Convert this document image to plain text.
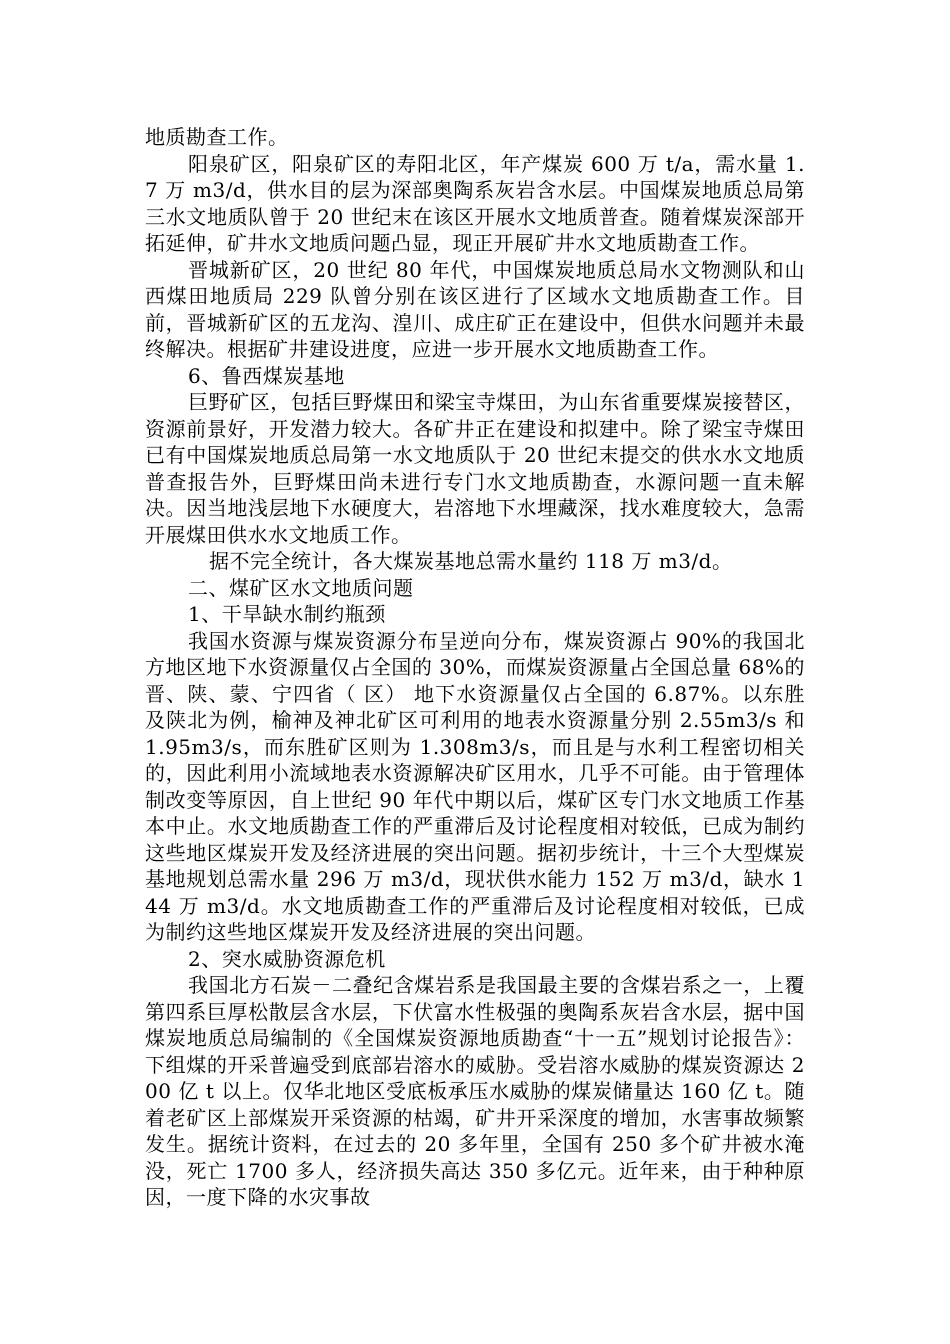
地质勘查工作。

阳泉矿区，阳泉矿区的寿阳北区，年产煤炭 600 万 t/a，需水量 1.7 万 m3/d，供水目的层为深部奥陶系灰岩含水层。中国煤炭地质总局第三水文地质队曾于 20 世纪末在该区开展水文地质普查。随着煤炭深部开拓延伸，矿井水文地质问题凸显，现正开展矿井水文地质勘查工作。

晋城新矿区，20 世纪 80 年代，中国煤炭地质总局水文物测队和山西煤田地质局 229 队曾分别在该区进行了区域水文地质勘查工作。目前，晋城新矿区的五龙沟、湟川、成庄矿正在建设中，但供水问题并未最终解决。根据矿井建设进度，应进一步开展水文地质勘查工作。

6、鲁西煤炭基地

巨野矿区，包括巨野煤田和梁宝寺煤田，为山东省重要煤炭接替区，资源前景好，开发潜力较大。各矿井正在建设和拟建中。除了梁宝寺煤田已有中国煤炭地质总局第一水文地质队于 20 世纪末提交的供水水文地质普查报告外，巨野煤田尚未进行专门水文地质勘查，水源问题一直未解决。因当地浅层地下水硬度大，岩溶地下水埋藏深，找水难度较大，急需开展煤田供水水文地质工作。

据不完全统计，各大煤炭基地总需水量约 118 万 m3/d。

二、煤矿区水文地质问题

1、干旱缺水制约瓶颈

我国水资源与煤炭资源分布呈逆向分布，煤炭资源占 90%的我国北方地区地下水资源量仅占全国的 30%，而煤炭资源量占全国总量 68%的晋、陕、蒙、宁四省（ 区） 地下水资源量仅占全国的 6.87%。以东胜及陕北为例，榆神及神北矿区可利用的地表水资源量分别 2.55m3/s 和 1.95m3/s，而东胜矿区则为 1.308m3/s，而且是与水利工程密切相关的，因此利用小流域地表水资源解决矿区用水，几乎不可能。由于管理体制改变等原因，自上世纪 90 年代中期以后，煤矿区专门水文地质工作基本中止。水文地质勘查工作的严重滞后及讨论程度相对较低，已成为制约这些地区煤炭开发及经济进展的突出问题。据初步统计，十三个大型煤炭基地规划总需水量 296 万 m3/d，现状供水能力 152 万 m3/d，缺水 144 万 m3/d。水文地质勘查工作的严重滞后及讨论程度相对较低，已成为制约这些地区煤炭开发及经济进展的突出问题。

2、突水威胁资源危机

我国北方石炭－二叠纪含煤岩系是我国最主要的含煤岩系之一，上覆第四系巨厚松散层含水层，下伏富水性极强的奥陶系灰岩含水层，据中国煤炭地质总局编制的《全国煤炭资源地质勘查“十一五”规划讨论报告》：下组煤的开采普遍受到底部岩溶水的威胁。受岩溶水威胁的煤炭资源达 200 亿 t 以上。仅华北地区受底板承压水威胁的煤炭储量达 160 亿 t。随着老矿区上部煤炭开采资源的枯竭，矿井开采深度的增加，水害事故频繁发生。据统计资料，在过去的 20 多年里，全国有 250 多个矿井被水淹没，死亡 1700 多人，经济损失高达 350 多亿元。近年来，由于种种原因，一度下降的水灾事故
